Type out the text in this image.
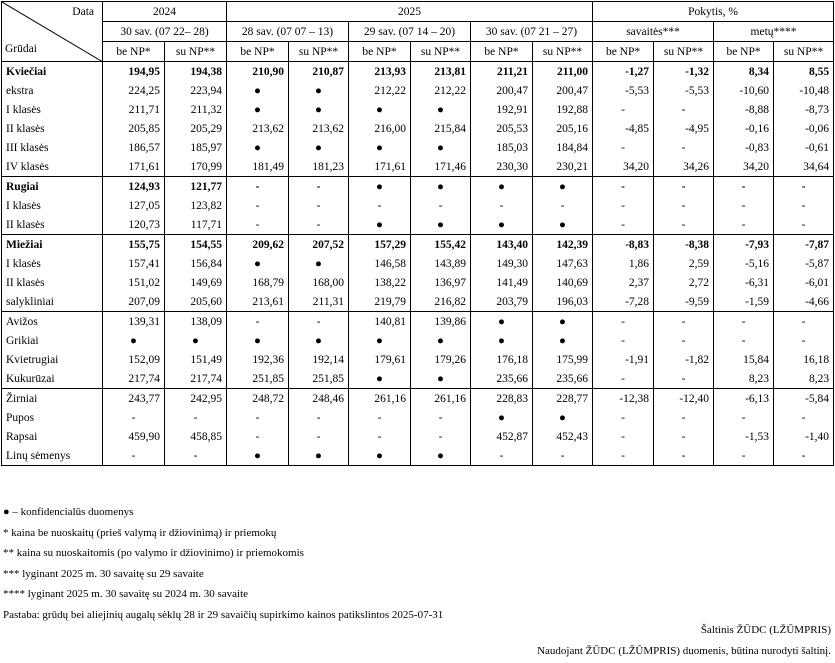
Data
Grūdai	2024		2025						Pokytis, %			
	30 sav. (07 22– 28)		28 sav. (07 07 – 13)		29 sav. (07 14 – 20)		30 sav. (07 21 – 27)		savaitės***		metų****	
	be NP*	su NP**	be NP*	su NP**	be NP*	su NP**	be NP*	su NP**	be NP*	su NP**	be NP*	su NP**
Kviečiai	194,95	194,38	210,90	210,87	213,93	213,81	211,21	211,00	-1,27	-1,32	8,34	8,55
ekstra	224,25	223,94	●	●	212,22	212,22	200,47	200,47	-5,53	-5,53	-10,60	-10,48
I klasės	211,71	211,32	●	●	●	●	192,91	192,88	-	-	-8,88	-8,73
II klasės	205,85	205,29	213,62	213,62	216,00	215,84	205,53	205,16	-4,85	-4,95	-0,16	-0,06
III klasės	186,57	185,97	●	●	●	●	185,03	184,84	-	-	-0,83	-0,61
IV klasės	171,61	170,99	181,49	181,23	171,61	171,46	230,30	230,21	34,20	34,26	34,20	34,64
Rugiai	124,93	121,77	-	-	●	●	●	●	-	-	-	-
I klasės	127,05	123,82	-	-	-	-	-	-	-	-	-	-
II klasės	120,73	117,71	-	-	●	●	●	●	-	-	-	-
Miežiai	155,75	154,55	209,62	207,52	157,29	155,42	143,40	142,39	-8,83	-8,38	-7,93	-7,87
I klasės	157,41	156,84	●	●	146,58	143,89	149,30	147,63	1,86	2,59	-5,16	-5,87
II klasės	151,02	149,69	168,79	168,00	138,22	136,97	141,49	140,69	2,37	2,72	-6,31	-6,01
salykliniai	207,09	205,60	213,61	211,31	219,79	216,82	203,79	196,03	-7,28	-9,59	-1,59	-4,66
Avižos	139,31	138,09	-	-	140,81	139,86	●	●	-	-	-	-
Grikiai	●	●	●	●	●	●	●	●	-	-	-	-
Kvietrugiai	152,09	151,49	192,36	192,14	179,61	179,26	176,18	175,99	-1,91	-1,82	15,84	16,18
Kukurūzai	217,74	217,74	251,85	251,85	●	●	235,66	235,66	-	-	8,23	8,23
Žirniai	243,77	242,95	248,72	248,46	261,16	261,16	228,83	228,77	-12,38	-12,40	-6,13	-5,84
Pupos	-	-	-	-	-	-	●	●	-	-	-	-
Rapsai	459,90	458,85	-	-	-	-	452,87	452,43	-	-	-1,53	-1,40
Linų sėmenys	-	-	●	●	●	●	-	-	-	-	-	-
● – konfidencialūs duomenys
* kaina be nuoskaitų (prieš valymą ir džiovinimą) ir priemokų
** kaina su nuoskaitomis (po valymo ir džiovinimo) ir priemokomis
*** lyginant 2025 m. 30 savaitę su 29 savaite
**** lyginant 2025 m. 30 savaitę su 2024 m. 30 savaite
Pastaba: grūdų bei aliejinių augalų sėklų 28 ir 29 savaičių supirkimo kainos patikslintos 2025-07-31
Šaltinis ŽŪDC (LŽŪMPRIS)
Naudojant ŽŪDC (LŽŪMPRIS) duomenis, būtina nurodyti šaltinį.
